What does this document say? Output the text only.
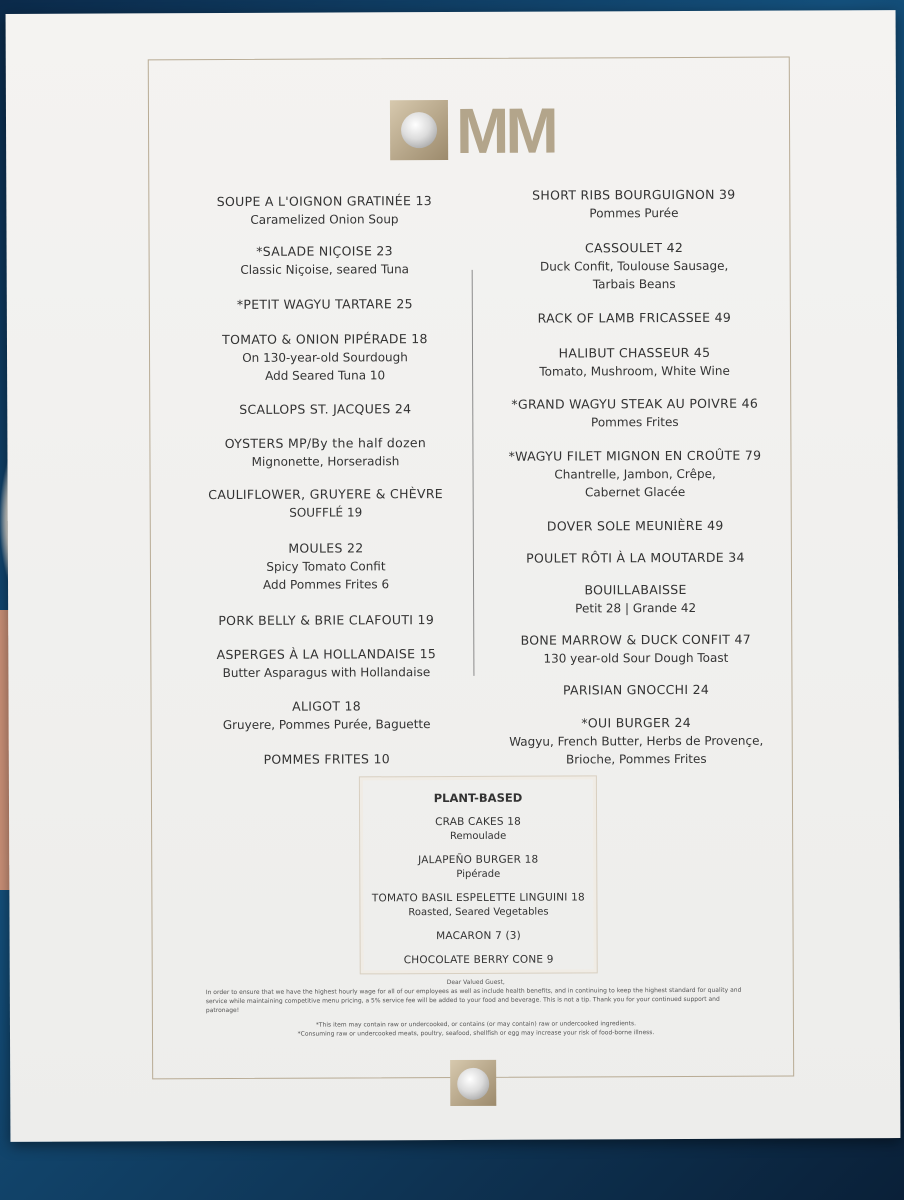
MM
SOUPE A L'OIGNON GRATINÉE 13
Caramelized Onion Soup
*SALADE NIÇOISE 23
Classic Niçoise, seared Tuna
*PETIT WAGYU TARTARE 25
TOMATO & ONION PIPÉRADE 18
On 130-year-old Sourdough
Add Seared Tuna 10
SCALLOPS ST. JACQUES 24
OYSTERS MP/By the half dozen
Mignonette, Horseradish
CAULIFLOWER, GRUYERE & CHÈVRE
SOUFFLÉ 19
MOULES 22
Spicy Tomato Confit
Add Pommes Frites 6
PORK BELLY & BRIE CLAFOUTI 19
ASPERGES À LA HOLLANDAISE 15
Butter Asparagus with Hollandaise
ALIGOT 18
Gruyere, Pommes Purée, Baguette
POMMES FRITES 10
SHORT RIBS BOURGUIGNON 39
Pommes Purée
CASSOULET 42
Duck Confit, Toulouse Sausage,
Tarbais Beans
RACK OF LAMB FRICASSEE 49
HALIBUT CHASSEUR 45
Tomato, Mushroom, White Wine
*GRAND WAGYU STEAK AU POIVRE 46
Pommes Frites
*WAGYU FILET MIGNON EN CROÛTE 79
Chantrelle, Jambon, Crêpe,
Cabernet Glacée
DOVER SOLE MEUNIÈRE 49
POULET RÔTI À LA MOUTARDE 34
BOUILLABAISSE
Petit 28 | Grande 42
BONE MARROW & DUCK CONFIT 47
130 year-old Sour Dough Toast
PARISIAN GNOCCHI 24
*OUI BURGER 24
Wagyu, French Butter, Herbs de Provençe,
Brioche, Pommes Frites
PLANT-BASED
CRAB CAKES 18
Remoulade
JALAPEÑO BURGER 18
Pipérade
TOMATO BASIL ESPELETTE LINGUINI 18
Roasted, Seared Vegetables
MACARON 7 (3)
CHOCOLATE BERRY CONE 9
Dear Valued Guest,
In order to ensure that we have the highest hourly wage for all of our employees as well as include health benefits, and in continuing to keep the highest standard for quality and service while maintaining competitive menu pricing, a 5% service fee will be added to your food and beverage. This is not a tip. Thank you for your continued support and patronage!
*This item may contain raw or undercooked, or contains (or may contain) raw or undercooked ingredients.
*Consuming raw or undercooked meats, poultry, seafood, shellfish or egg may increase your risk of food-borne illness.
